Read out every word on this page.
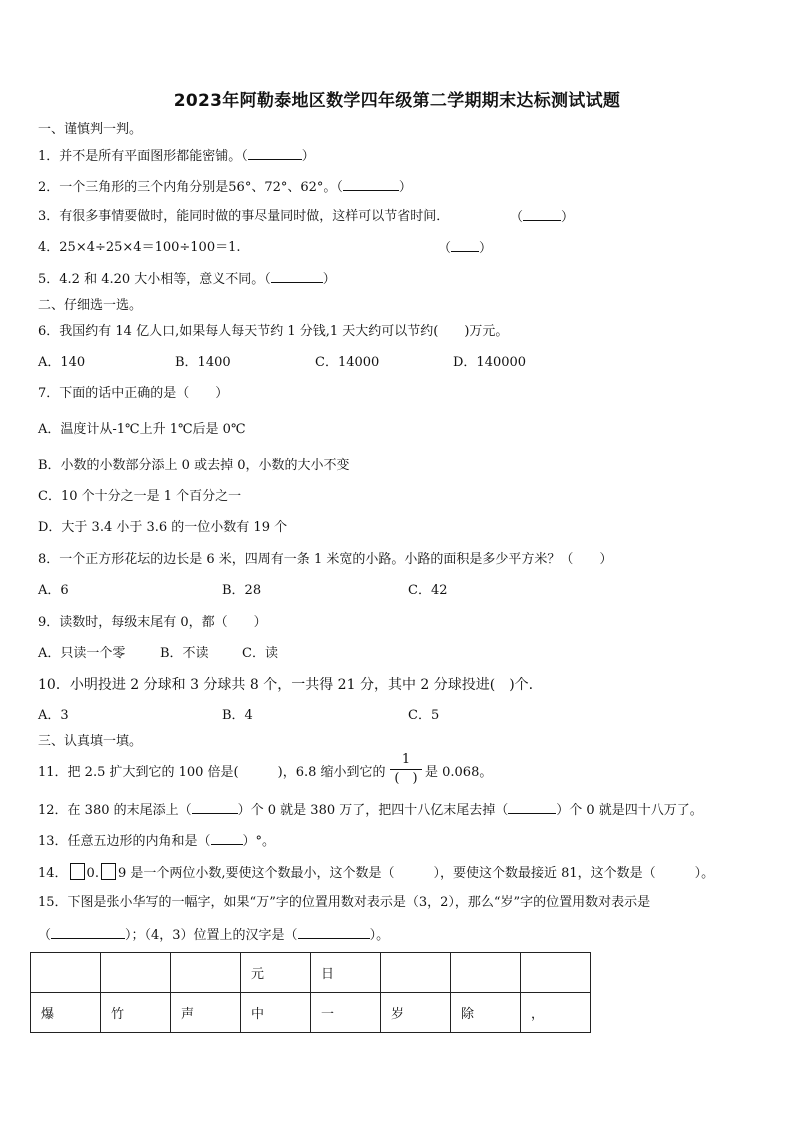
2023年阿勒泰地区数学四年级第二学期期末达标测试试题
一、谨慎判一判。
1．并不是所有平面图形都能密铺。（	）
2．一个三角形的三个内角分别是56°、72°、62°。（	）
3．有很多事情要做时，能同时做的事尽量同时做，这样可以节省时间．	（	）
4．25×4÷25×4＝100÷100＝1.	（ ）
5．4.2 和 4.20 大小相等，意义不同。（	）
二、仔细选一选。
6．我国约有 14 亿人口,如果每人每天节约 1 分钱,1 天大约可以节约(　　)万元。
A．140	B．1400	C．14000	D．140000
7．下面的话中正确的是（　　）
A．温度计从-1℃上升 1℃后是 0℃
B．小数的小数部分添上 0 或去掉 0，小数的大小不变
C．10 个十分之一是 1 个百分之一
D．大于 3.4 小于 3.6 的一位小数有 19 个
8．一个正方形花坛的边长是 6 米，四周有一条 1 米宽的小路。小路的面积是多少平方米？（　　）
A．6	B．28	C．42
9．读数时，每级末尾有 0，都（　　）
A．只读一个零	B．不读	C．读
10．小明投进 2 分球和 3 分球共 8 个，一共得 21 分，其中 2 分球投进(　)个.
A．3	B．4	C．5
三、认真填一填。
11．把 2.5 扩大到它的 100 倍是(　　　)，6.8 缩小到它的
1
(　) 是 0.068。
12．在 380 的末尾添上（	）个 0 就是 380 万了，把四十八亿末尾去掉（	）个 0 就是四十八万了。
13．任意五边形的内角和是（ ）°。
14． 0. 9 是一个两位小数,要使这个数最小，这个数是（　　　），要使这个数最接近 81，这个数是（　　　）。
15．下图是张小华写的一幅字，如果“万”字的位置用数对表示是（3，2），那么“岁”字的位置用数对表示是
（	）；（4，3）位置上的汉字是（	）。
			元	日			
爆	竹	声	中	一	岁	除	，
